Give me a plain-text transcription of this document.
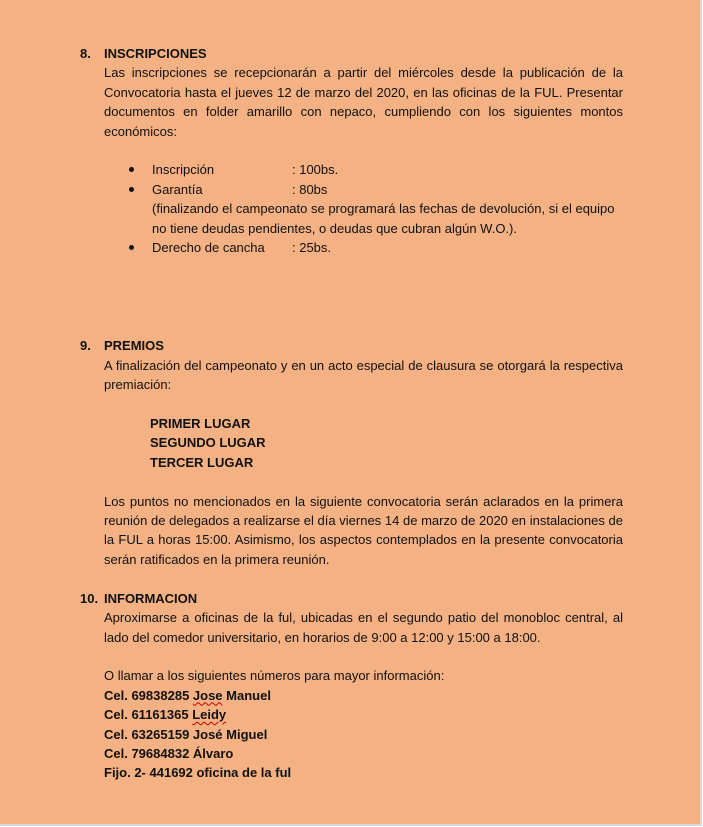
8. INSCRIPCIONES
Las inscripciones se recepcionarán a partir del miércoles desde la publicación de la Convocatoria hasta el jueves 12 de marzo del 2020, en las oficinas de la FUL. Presentar documentos en folder amarillo con nepaco, cumpliendo con los siguientes montos económicos:
Inscripción	: 100bs.
Garantía	: 80bs
(finalizando el campeonato se programará las fechas de devolución, si el equipo no tiene deudas pendientes, o deudas que cubran algún W.O.).
Derecho de cancha : 25bs.
9. PREMIOS
A finalización del campeonato y en un acto especial de clausura se otorgará la respectiva premiación:
PRIMER LUGAR
SEGUNDO LUGAR
TERCER LUGAR
Los puntos no mencionados en la siguiente convocatoria serán aclarados en la primera reunión de delegados a realizarse el día viernes 14 de marzo de 2020 en instalaciones de la FUL a horas 15:00. Asimismo, los aspectos contemplados en la presente convocatoria serán ratificados en la primera reunión.
10. INFORMACION
Aproximarse a oficinas de la ful, ubicadas en el segundo patio del monobloc central, al lado del comedor universitario, en horarios de 9:00 a 12:00 y 15:00 a 18:00.
O llamar a los siguientes números para mayor información:
Cel. 69838285 Jose Manuel
Cel. 61161365 Leidy
Cel. 63265159 José Miguel
Cel. 79684832 Álvaro
Fijo. 2- 441692 oficina de la ful
